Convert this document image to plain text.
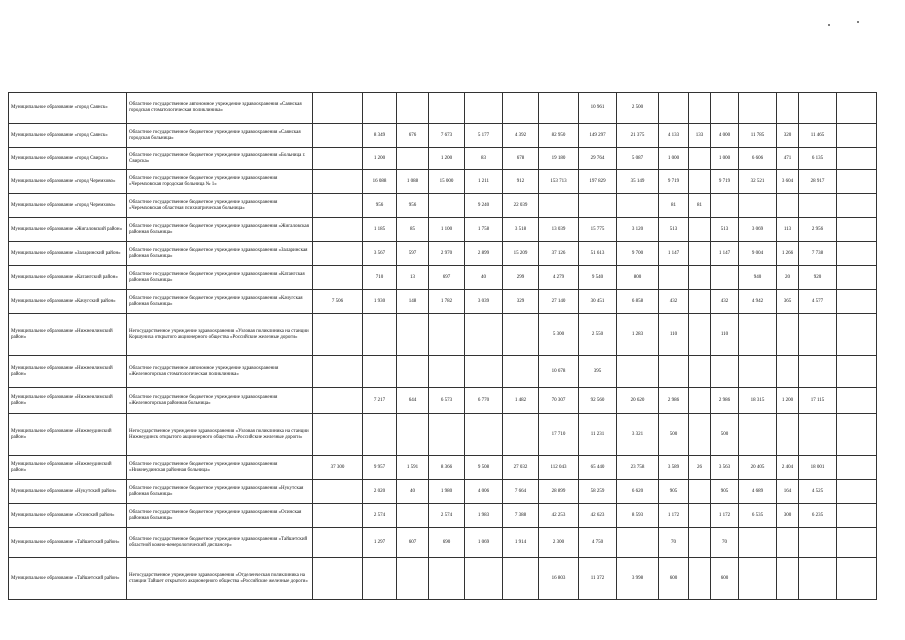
Муниципальное образование «город Саянск»	Областное государственное автономное учреждение здравоохранения «Саянская городская стоматологическая поликлиника»								10 961	2 500							
Муниципальное образование «город Саянск»	Областное государственное бюджетное учреждение здравоохранения «Саянская городская больница»		8 349	676	7 673	5 177	4 392	82 950	149 297	21 375	4 133	133	4 000	11 785	320	11 465	
Муниципальное образование «город Свирск»	Областное государственное бюджетное учреждение здравоохранения «Больница г. Свирска»		1 200		1 200	83	678	19 180	29 764	5 087	1 000		1 000	6 606	471	6 135	
Муниципальное образование «город Черемхово»	Областное государственное бюджетное учреждение здравоохранения «Черемховская городская больница № 1»		16 088	1 088	15 000	1 211	912	153 713	197 829	35 149	9 719		9 719	32 521	3 604	28 917	
Муниципальное образование «город Черемхово»	Областное государственное бюджетное учреждение здравоохранения «Черемховская областная психиатрическая больница»		956	956		9 240	22 039				81	81					
Муниципальное образование «Жигаловский район»	Областное государственное бюджетное учреждение здравоохранения «Жигаловская районная больница»		1 185	85	1 100	1 758	3 518	13 039	15 775	3 120	513		513	3 069	113	2 956	
Муниципальное образование «Заларинский район»	Областное государственное бюджетное учреждение здравоохранения «Заларинская районная больница»		3 567	597	2 970	2 899	15 209	37 126	51 613	9 700	1 147		1 147	9 004	1 266	7 738	
Муниципальное образование «Катангский район»	Областное государственное бюджетное учреждение здравоохранения «Катангская районная больница»		710	13	697	40	299	4 279	9 540	800				940	20	920	
Муниципальное образование «Качугский район»	Областное государственное бюджетное учреждение здравоохранения «Качугская районная больница»	7 506	1 930	148	1 782	3 039	329	27 140	30 451	6 858	432		432	4 942	365	4 577	
Муниципальное образование «Нижнеилимский район»	Негосударственное учреждение здравоохранения «Узловая поликлиника на станции Коршуниха открытого акционерного общества «Российские железные дороги»							5 300	2 550	1 283	110		110				
Муниципальное образование «Нижнеилимский район»	Областное государственное автономное учреждение здравоохранения «Железногорская стоматологическая поликлиника»							10 678	395								
Муниципальное образование «Нижнеилимский район»	Областное государственное бюджетное учреждение здравоохранения «Железногорская районная больница»		7 217	644	6 573	6 770	1 482	70 307	92 560	20 620	2 986		2 986	18 315	1 200	17 115	
Муниципальное образование «Нижнеудинский район»	Негосударственное учреждение здравоохранения «Узловая поликлиника на станции Нижнеудинск открытого акционерного общества «Российские железные дороги»							17 710	11 231	3 321	500		500				
Муниципальное образование «Нижнеудинский район»	Областное государственное бюджетное учреждение здравоохранения «Нижнеудинская районная больница»	37 300	9 957	1 591	8 366	9 508	27 032	112 043	65 440	23 758	3 589	26	3 563	20 405	2 404	18 001	
Муниципальное образование «Нукутский район»	Областное государственное бюджетное учреждение здравоохранения «Нукутская районная больница»		2 020	40	1 980	4 006	7 664	28 899	58 259	6 620	905		905	4 689	164	4 525	
Муниципальное образование «Осинский район»	Областное государственное бюджетное учреждение здравоохранения «Осинская районная больница»		2 574		2 574	1 983	7 388	42 253	42 623	8 593	1 172		1 172	6 535	300	6 235	
Муниципальное образование «Тайшетский район»	Областное государственное бюджетное учреждение здравоохранения «Тайшетский областной кожно-венерологический диспансер»		1 297	607	690	1 069	1 914	2 300	4 750		70		70				
Муниципальное образование «Тайшетский район»	Негосударственное учреждение здравоохранения «Отделенческая поликлиника на станции Тайшет открытого акционерного общества «Российские железные дороги»							16 803	11 372	3 998	600		600				
